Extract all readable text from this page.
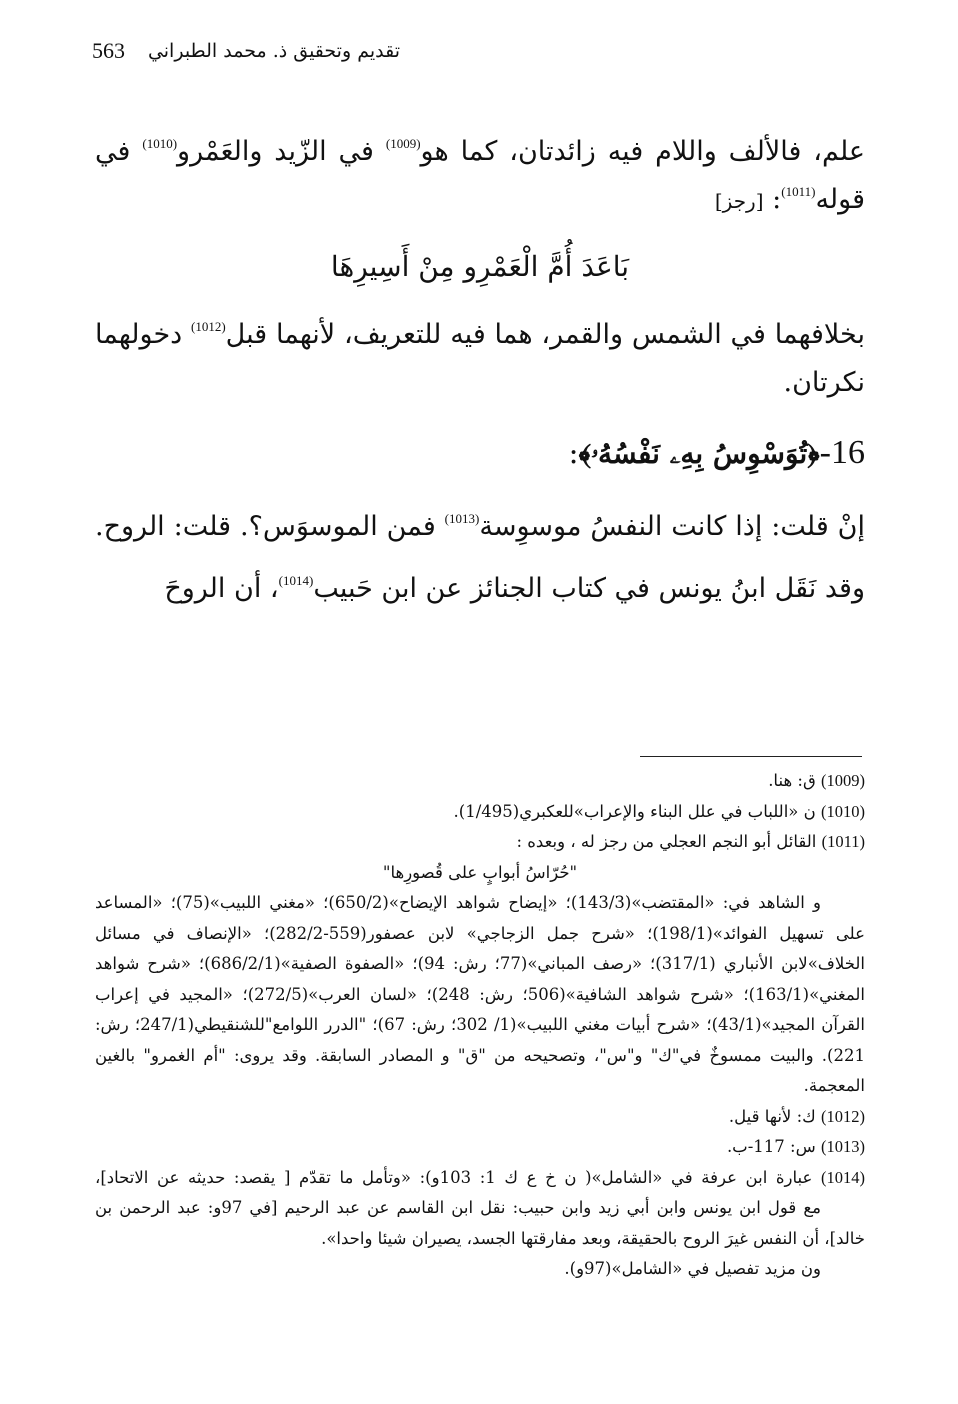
تقديم وتحقيق ذ. محمد الطبراني
563

علم، فالألف واللام فيه زائدتان، كما هو$^{(1009)}$ في الزّيد والعَمْرو$^{(1010)}$ في قوله$^{(1011)}$: [رجز]

بَاعَدَ أُمَّ الْعَمْرِو مِنْ أَسِيرِهَا

بخلافهما في الشمس والقمر، هما فيه للتعريف، لأنهما قبل$^{(1012)}$ دخولهما نكرتان.

16-﴿تُوَسْوِسُ بِهِۦ نَفْسُهُۥ﴾:

إنْ قلت: إذا كانت النفسُ موسوِسة$^{(1013)}$ فمن الموسوَس؟. قلت: الروح. وقد نَقَل ابنُ يونس في كتاب الجنائز عن ابن حَبيب$^{(1014)}$، أن الروحَ

(1009) ق: هنا.

(1010) ن «اللباب في علل البناء والإعراب»للعكبري(1/495).

(1011) القائل أبو النجم العجلي من رجز له ، وبعده :
"حُرّاسُ أبوابٍ على قُصورِها"
و الشاهد في: «المقتضب»(143/3)؛ «إيضاح شواهد الإيضاح»(650/2)؛ «مغني اللبيب»(75)؛ «المساعد على تسهيل الفوائد»(198/1)؛ «شرح جمل الزجاجي» لابن عصفور(559-282/2)؛ «الإنصاف في مسائل الخلاف»لابن الأنباري (317/1)؛ «رصف المباني»(77؛ رش: 94)؛ «الصفوة الصفية»(686/2/1)؛ «شرح شواهد المغني»(163/1)؛ «شرح شواهد الشافية»(506؛ رش: 248)؛ «لسان العرب»(272/5)؛ «المجيد في إعراب القرآن المجيد»(43/1)؛ «شرح أبيات مغني اللبيب»(1/ 302؛ رش: 67)؛ "الدرر اللوامع"للشنقيطي(247/1؛ رش: 221). والبيت ممسوخٌ في"ك" و"س"، وتصحيحه من "ق" و المصادر السابقة. وقد يروى: "أم الغمرو" بالغين المعجمة.

(1012) ك: لأنها قيل.

(1013) س: 117-ب.

(1014) عبارة ابن عرفة في «الشامل»( ن خ ع ك 1: 103و): «وتأمل ما تقدّم [ يقصد: حديثه عن الاتحاد]، مع قول ابن يونس وابن أبي زيد وابن حبيب: نقل ابن القاسم عن عبد الرحيم [في 97و: عبد الرحمن بن خالد]، أن النفس غيرَ الروح بالحقيقة، وبعد مفارقتها الجسد، يصيران شيئا واحدا».
ون مزيد تفصيل في «الشامل»(97و).
